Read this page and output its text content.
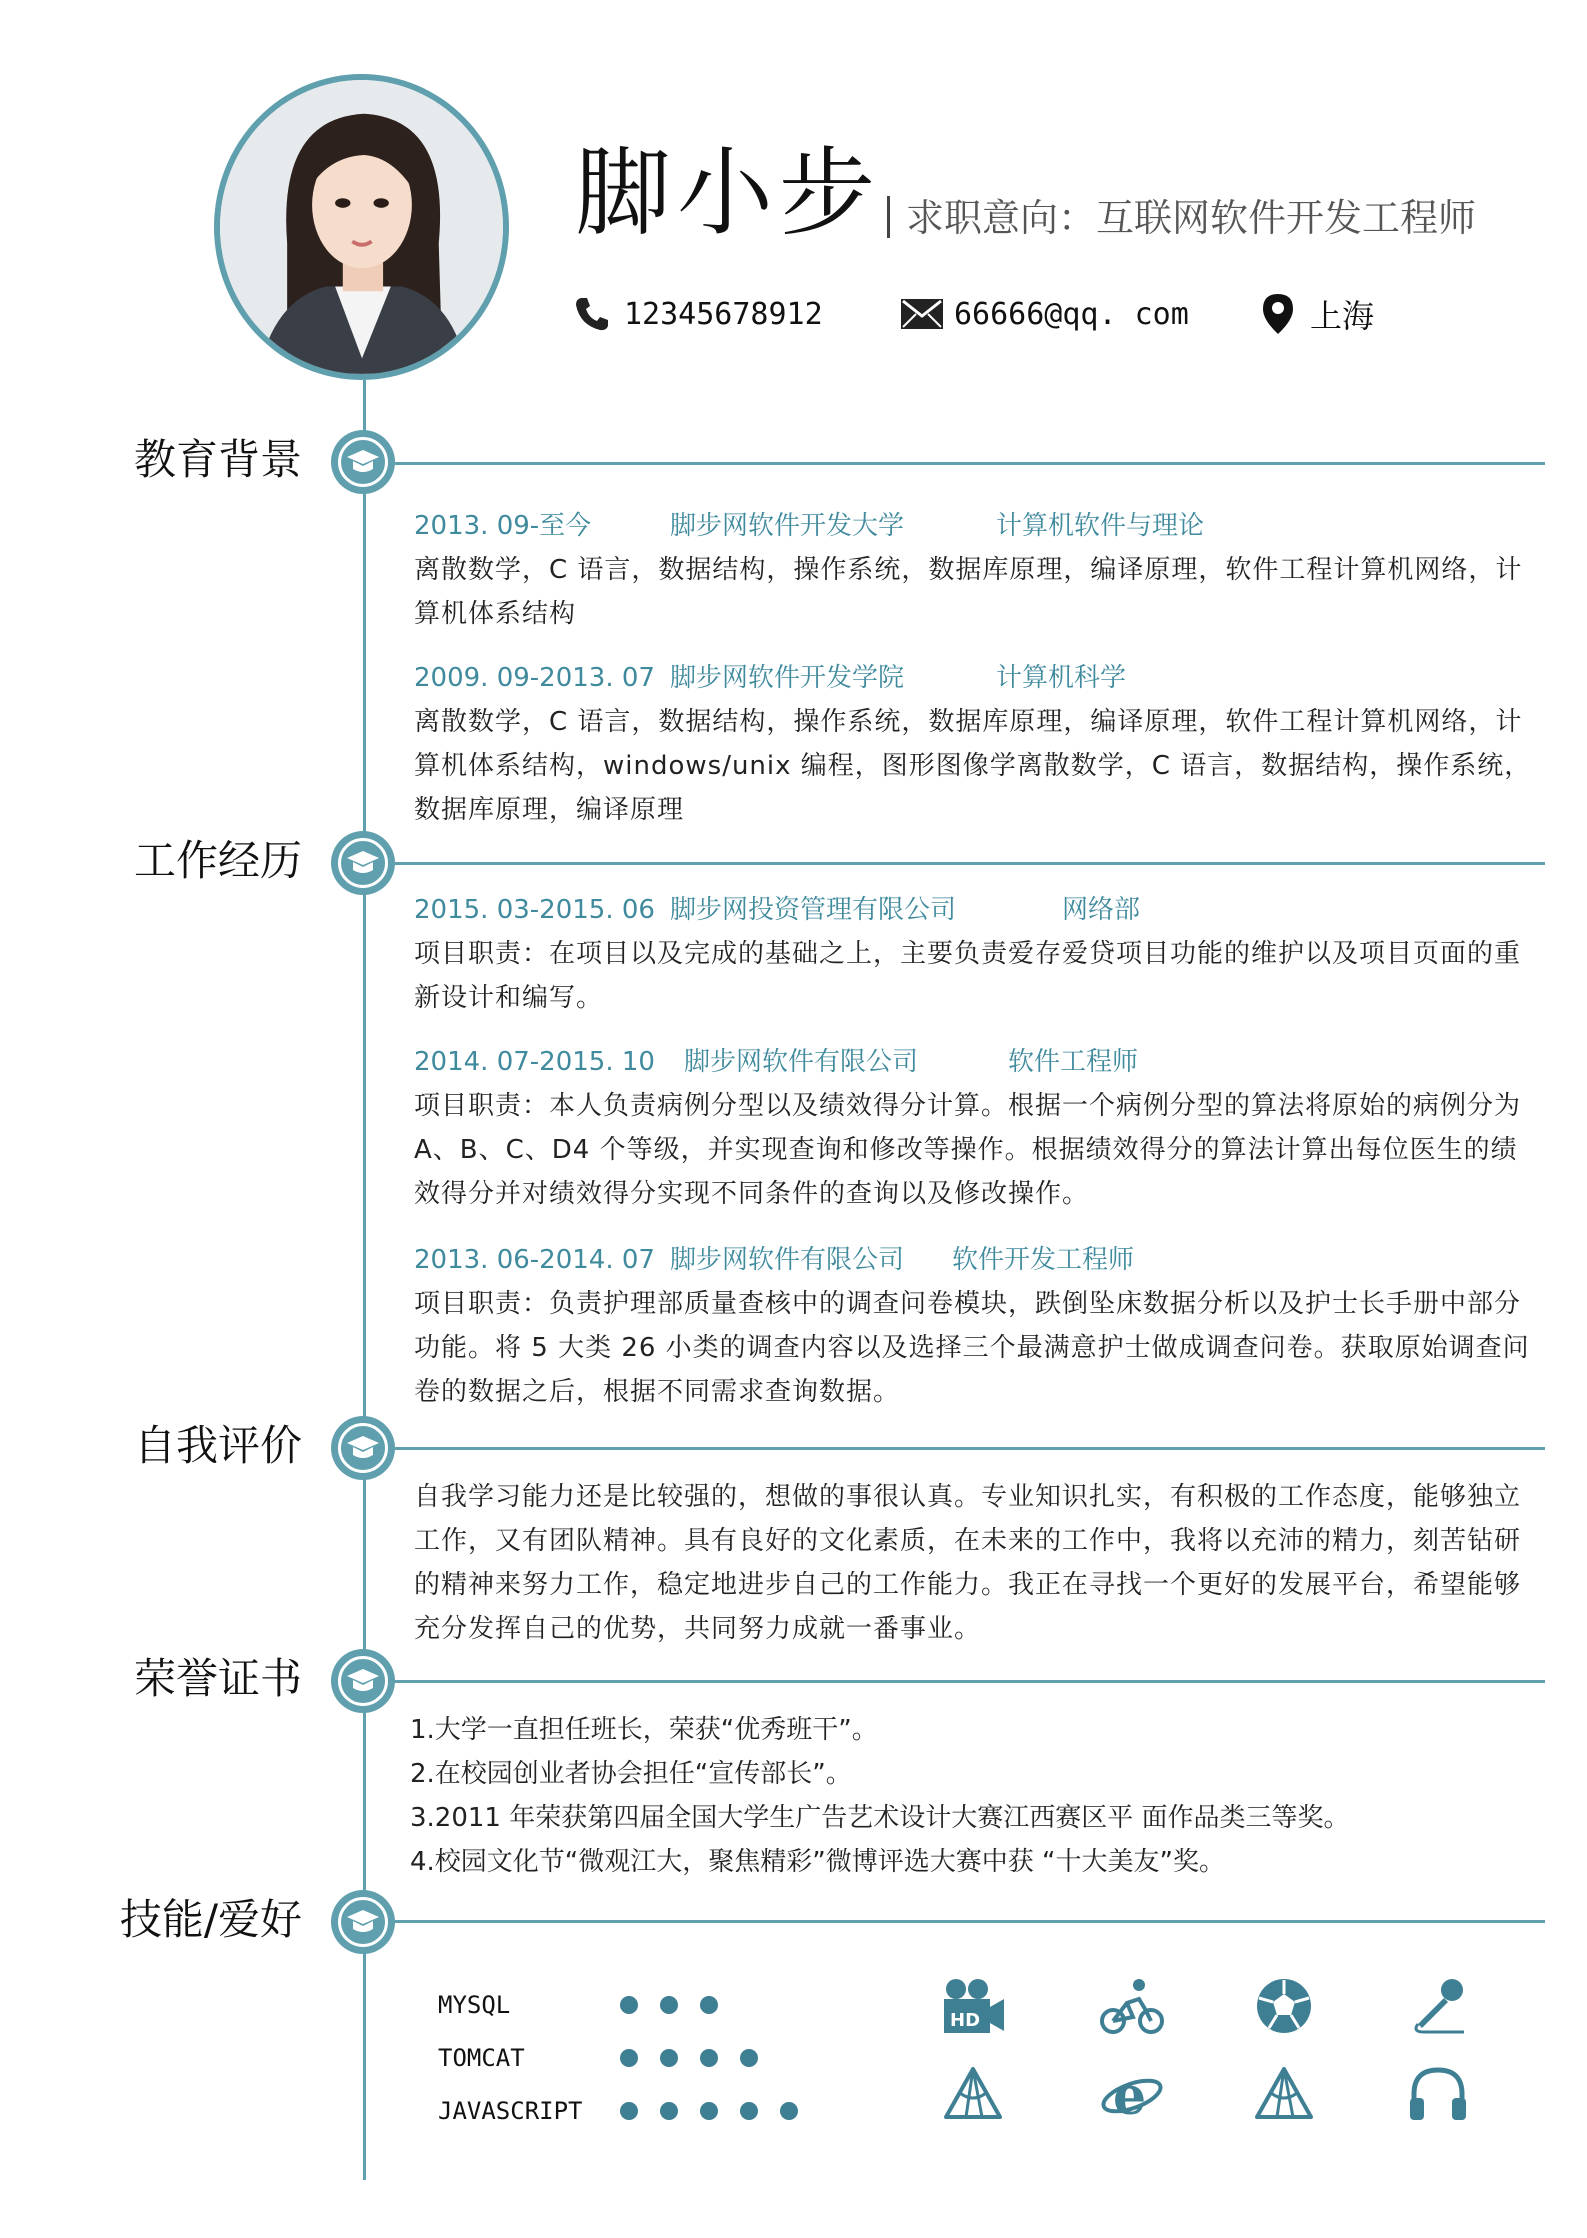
脚小步 求职意向：互联网软件开发工程师
12345678912	66666@qq. com	上海
教育背景
2013. 09-至今	脚步网软件开发大学	计算机软件与理论
离散数学，C 语言，数据结构，操作系统，数据库原理，编译原理，软件工程计算机网络，计算机体系结构
2009. 09-2013. 07 脚步网软件开发学院	计算机科学
离散数学，C 语言，数据结构，操作系统，数据库原理，编译原理，软件工程计算机网络，计算机体系结构，windows/unix 编程，图形图像学离散数学，C 语言，数据结构，操作系统，数据库原理，编译原理
工作经历
2015. 03-2015. 06 脚步网投资管理有限公司	网络部
项目职责：在项目以及完成的基础之上，主要负责爱存爱贷项目功能的维护以及项目页面的重新设计和编写。
2014. 07-2015. 10 脚步网软件有限公司	软件工程师
项目职责：本人负责病例分型以及绩效得分计算。根据一个病例分型的算法将原始的病例分为 A、B、C、D4 个等级，并实现查询和修改等操作。根据绩效得分的算法计算出每位医生的绩效得分并对绩效得分实现不同条件的查询以及修改操作。
2013. 06-2014. 07 脚步网软件有限公司 软件开发工程师
项目职责：负责护理部质量查核中的调查问卷模块，跌倒坠床数据分析以及护士长手册中部分功能。将 5 大类 26 小类的调查内容以及选择三个最满意护士做成调查问卷。获取原始调查问卷的数据之后，根据不同需求查询数据。
自我评价
自我学习能力还是比较强的，想做的事很认真。专业知识扎实，有积极的工作态度，能够独立工作，又有团队精神。具有良好的文化素质，在未来的工作中，我将以充沛的精力，刻苦钻研的精神来努力工作，稳定地进步自己的工作能力。我正在寻找一个更好的发展平台，希望能够充分发挥自己的优势，共同努力成就一番事业。
荣誉证书
1.大学一直担任班长，荣获“优秀班干”。
2.在校园创业者协会担任“宣传部长”。
3.2011 年荣获第四届全国大学生广告艺术设计大赛江西赛区平 面作品类三等奖。
4.校园文化节“微观江大，聚焦精彩”微博评选大赛中获 “十大美友”奖。
技能/爱好
MYSQL
TOMCAT
JAVASCRIPT
HD
e
